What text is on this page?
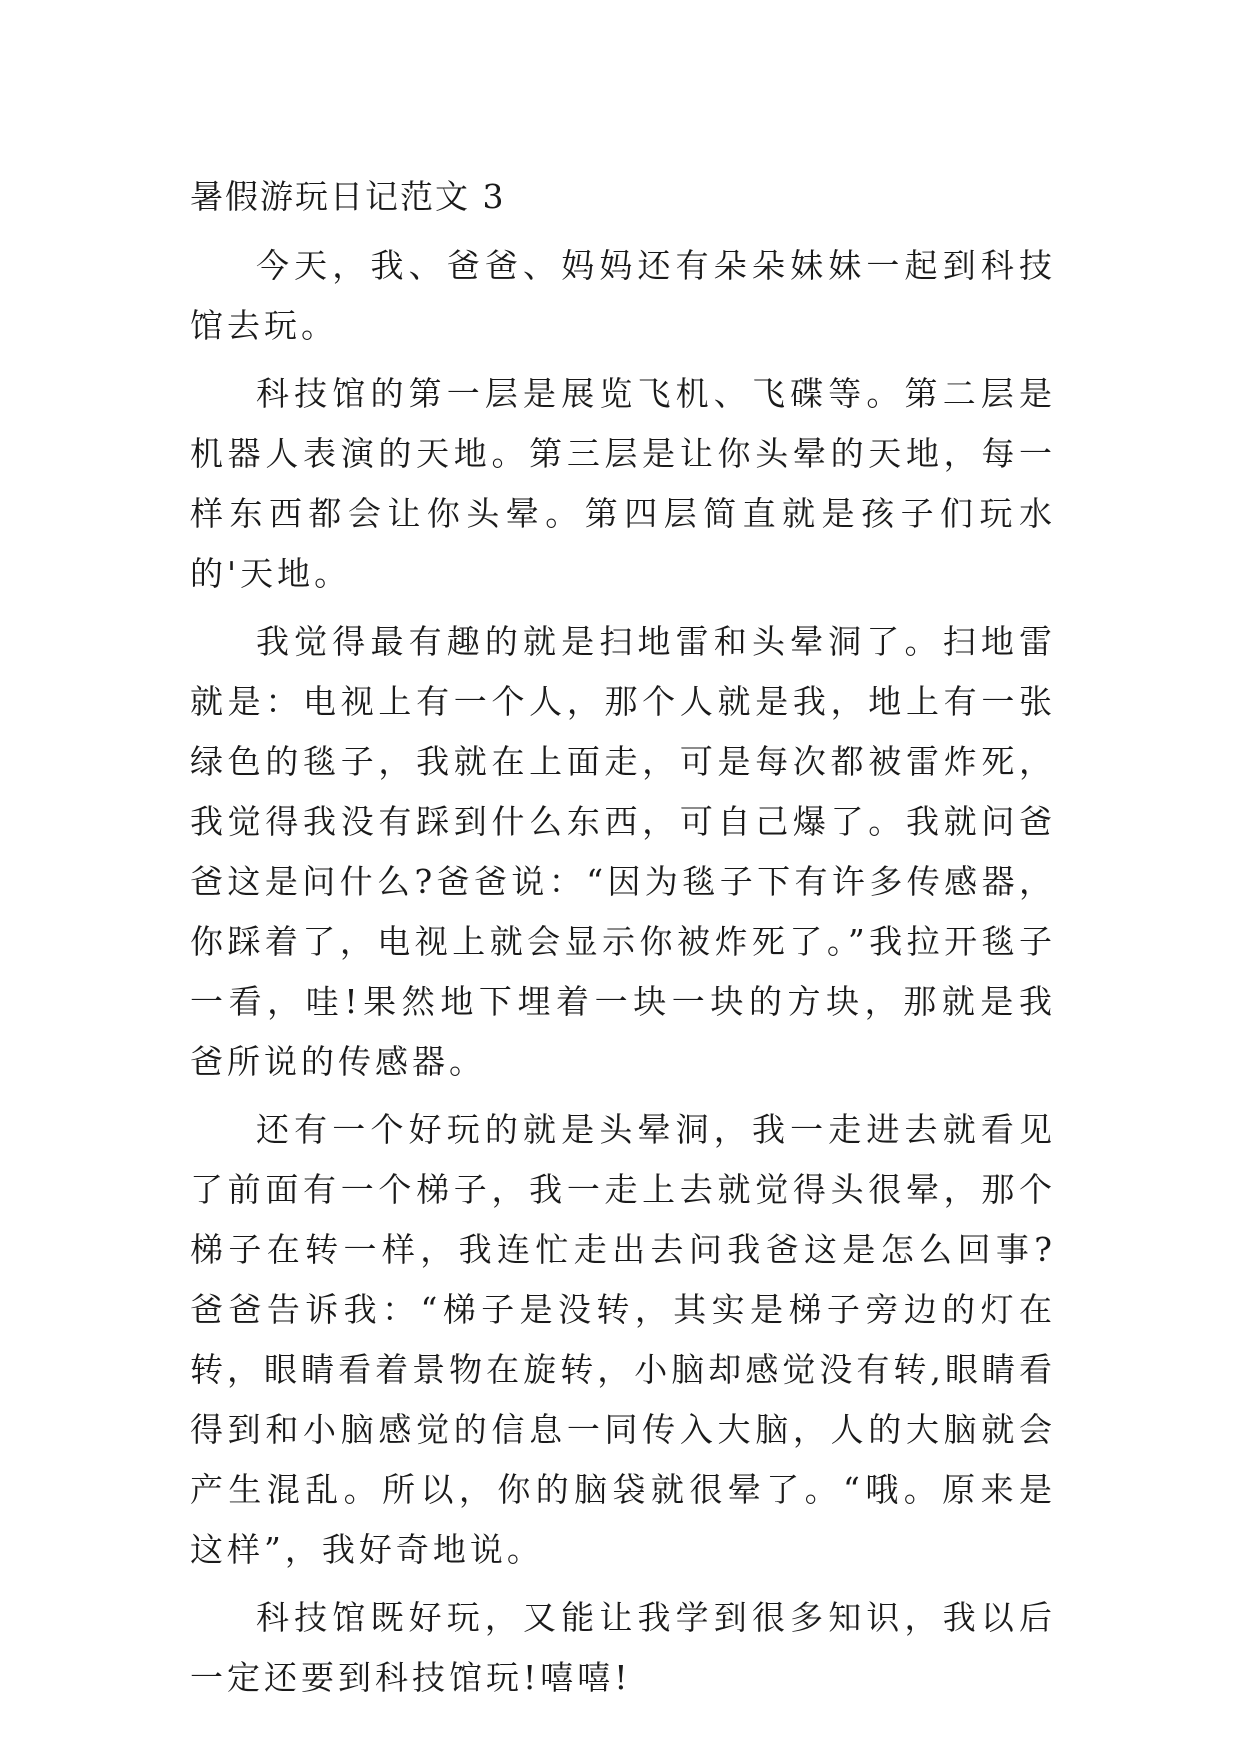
暑假游玩日记范文 3

今天，我、爸爸、妈妈还有朵朵妹妹一起到科技馆去玩。

科技馆的第一层是展览飞机、飞碟等。第二层是机器人表演的天地。第三层是让你头晕的天地，每一样东西都会让你头晕。第四层简直就是孩子们玩水的'天地。

我觉得最有趣的就是扫地雷和头晕洞了。扫地雷就是：电视上有一个人，那个人就是我，地上有一张绿色的毯子，我就在上面走，可是每次都被雷炸死，我觉得我没有踩到什么东西，可自己爆了。我就问爸爸这是问什么?爸爸说：“因为毯子下有许多传感器，你踩着了，电视上就会显示你被炸死了。”我拉开毯子一看，哇!果然地下埋着一块一块的方块，那就是我爸所说的传感器。

还有一个好玩的就是头晕洞，我一走进去就看见了前面有一个梯子，我一走上去就觉得头很晕，那个梯子在转一样，我连忙走出去问我爸这是怎么回事?爸爸告诉我：“梯子是没转，其实是梯子旁边的灯在转，眼睛看着景物在旋转，小脑却感觉没有转,眼睛看得到和小脑感觉的信息一同传入大脑，人的大脑就会产生混乱。所以，你的脑袋就很晕了。“哦。原来是这样”，我好奇地说。

科技馆既好玩，又能让我学到很多知识，我以后一定还要到科技馆玩!嘻嘻!
